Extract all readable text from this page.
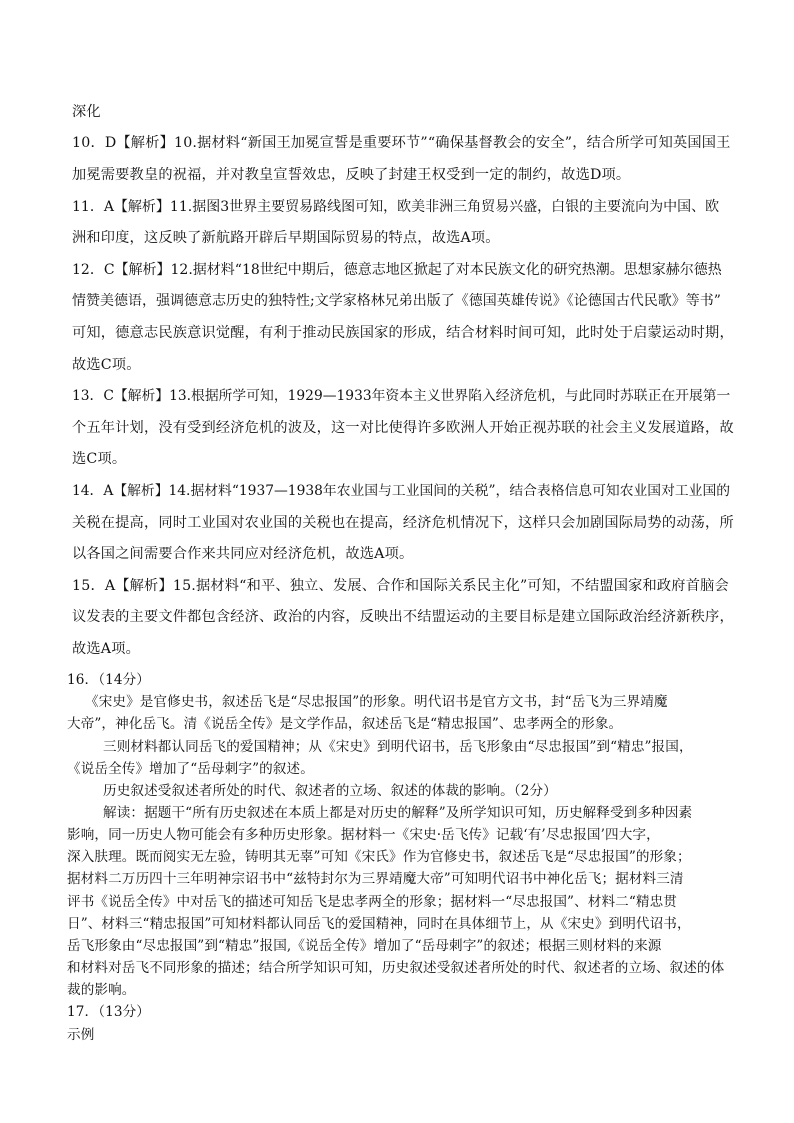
深化
10．D【解析】10.据材料“新国王加冕宣誓是重要环节”“确保基督教会的安全”，结合所学可知英国国王
加冕需要教皇的祝福，并对教皇宣誓效忠，反映了封建王权受到一定的制约，故选D项。
11．A【解析】11.据图3世界主要贸易路线图可知，欧美非洲三角贸易兴盛，白银的主要流向为中国、欧
洲和印度，这反映了新航路开辟后早期国际贸易的特点，故选A项。
12．C【解析】12.据材料“18世纪中期后，德意志地区掀起了对本民族文化的研究热潮。思想家赫尔德热
情赞美德语，强调德意志历史的独特性;文学家格林兄弟出版了《德国英雄传说》《论德国古代民歌》等书”
可知，德意志民族意识觉醒，有利于推动民族国家的形成，结合材料时间可知，此时处于启蒙运动时期，
故选C项。
13．C【解析】13.根据所学可知，1929—1933年资本主义世界陷入经济危机，与此同时苏联正在开展第一
个五年计划，没有受到经济危机的波及，这一对比使得许多欧洲人开始正视苏联的社会主义发展道路，故
选C项。
14．A【解析】14.据材料“1937—1938年农业国与工业国间的关税”，结合表格信息可知农业国对工业国的
关税在提高，同时工业国对农业国的关税也在提高，经济危机情况下，这样只会加剧国际局势的动荡，所
以各国之间需要合作来共同应对经济危机，故选A项。
15．A【解析】15.据材料“和平、独立、发展、合作和国际关系民主化”可知，不结盟国家和政府首脑会
议发表的主要文件都包含经济、政治的内容，反映出不结盟运动的主要目标是建立国际政治经济新秩序，
故选A项。
16．（14分）
《宋史》是官修史书，叙述岳飞是“尽忠报国”的形象。明代诏书是官方文书，封“岳飞为三界靖魔
大帝”，神化岳飞。清《说岳全传》是文学作品，叙述岳飞是“精忠报国”、忠孝两全的形象。
三则材料都认同岳飞的爱国精神；从《宋史》到明代诏书，岳飞形象由“尽忠报国”到“精忠”报国，
《说岳全传》增加了“岳母刺字”的叙述。
历史叙述受叙述者所处的时代、叙述者的立场、叙述的体裁的影响。（2分）
解读：据题干“所有历史叙述在本质上都是对历史的解释”及所学知识可知，历史解释受到多种因素
影响，同一历史人物可能会有多种历史形象。据材料一《宋史·岳飞传》记载‘有’尽忠报国’四大字，
深入肤理。既而阅实无左验，铸明其无辜”可知《宋氏》作为官修史书，叙述岳飞是“尽忠报国”的形象；
据材料二万历四十三年明神宗诏书中“兹特封尔为三界靖魔大帝”可知明代诏书中神化岳飞；据材料三清
评书《说岳全传》中对岳飞的描述可知岳飞是忠孝两全的形象；据材料一“尽忠报国”、材料二“精忠贯
日”、材料三“精忠报国”可知材料都认同岳飞的爱国精神，同时在具体细节上，从《宋史》到明代诏书，
岳飞形象由“尽忠报国”到“精忠”报国,《说岳全传》增加了“岳母刺字”的叙述；根据三则材料的来源
和材料对岳飞不同形象的描述；结合所学知识可知，历史叙述受叙述者所处的时代、叙述者的立场、叙述的体
裁的影响。
17．（13分）
示例
